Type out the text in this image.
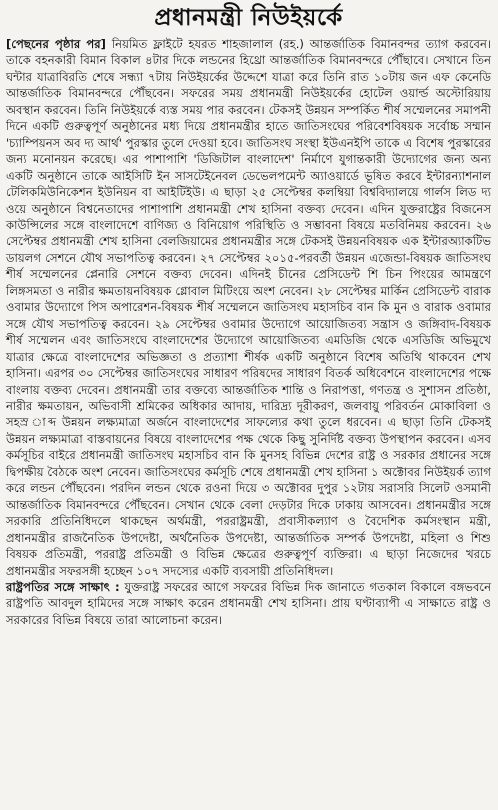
প্রধানমন্ত্রী নিউইয়র্কে

[পেছনের পৃষ্ঠার পর] নিয়মিত ফ্লাইটে হযরত শাহজালাল (রহ.) আন্তর্জাতিক বিমানবন্দর ত্যাগ করবেন। তাকে বহনকারী বিমান বিকাল ৪টার দিকে লন্ডনের হিথ্রো আন্তর্জাতিক বিমানবন্দরে পৌঁছাবে। সেখানে তিন ঘন্টার যাত্রাবিরতি শেষে সন্ধ্যা ৭টায় নিউইয়র্কের উদ্দেশে যাত্রা করে তিনি রাত ১০টায় জন এফ কেনেডি আন্তর্জাতিক বিমানবন্দরে পৌঁছবেন। সফরের সময় প্রধানমন্ত্রী নিউইয়র্কের হোটেল ওয়ার্ল্ড অস্টোরিয়ায় অবস্থান করবেন। তিনি নিউইয়র্কে ব্যস্ত সময় পার করবেন। টেকসই উন্নয়ন সম্পর্কিত শীর্ষ সম্মেলনের সমাপনী দিনে একটি গুরুত্বপূর্ণ অনুষ্ঠানের মধ্য দিয়ে প্রধানমন্ত্রীর হাতে জাতিসংঘের পরিবেশবিষয়ক সর্বোচ্চ সম্মান 'চ্যাম্পিয়নস অব দ্য আর্থ' পুরস্কার তুলে দেওয়া হবে। জাতিসংঘ সংস্থা ইউএনইপি তাকে এ বিশেষ পুরস্কারের জন্য মনোনয়ন করেছে। এর পাশাপাশি 'ডিজিটাল বাংলাদেশ' নির্মাণে যুগান্তকারী উদ্যোগের জন্য অন্য একটি অনুষ্ঠানে তাকে আইসিটি ইন সাসটেইনেবল ডেভেলপমেন্ট অ্যাওয়ার্ডে ভূষিত করবে ইন্টারন্যাশনাল টেলিকমিউনিকেশন ইউনিয়ন বা আইটিইউ। এ ছাড়া ২৫ সেপ্টেম্বর কলম্বিয়া বিশ্ববিদ্যালয়ে গার্লস লিড দ্য ওয়ে অনুষ্ঠানে বিশ্বনেতাদের পাশাপাশি প্রধানমন্ত্রী শেখ হাসিনা বক্তব্য দেবেন। এদিন যুক্তরাষ্ট্রের বিজনেস কাউন্সিলের সঙ্গে বাংলাদেশে বাণিজ্য ও বিনিয়োগ পরিস্থিতি ও সম্ভাবনা বিষয়ে মতবিনিময় করবেন। ২৬ সেপ্টেম্বর প্রধানমন্ত্রী শেখ হাসিনা বেলজিয়ামের প্রধানমন্ত্রীর সঙ্গে টেকসই উন্নয়নবিষয়ক এক ইন্টারঅ্যাকটিভ ডায়লগ সেশনে যৌথ সভাপতিত্ব করবেন। ২৭ সেপ্টেম্বর ২০১৫-পরবর্তী উন্নয়ন এজেন্ডা-বিষয়ক জাতিসংঘ শীর্ষ সম্মেলনের প্লেনারি সেশনে বক্তব্য দেবেন। এদিনই চীনের প্রেসিডেন্ট শি চিন পিংয়ের আমন্ত্রণে লিঙ্গসমতা ও নারীর ক্ষমতায়নবিষয়ক গ্লোবাল মিটিংয়ে অংশ নেবেন। ২৮ সেপ্টেম্বর মার্কিন প্রেসিডেন্ট বারাক ওবামার উদ্যোগে পিস অপারেশন-বিষয়ক শীর্ষ সম্মেলনে জাতিসংঘ মহাসচিব বান কি মুন ও বারাক ওবামার সঙ্গে যৌথ সভাপতিত্ব করবেন। ২৯ সেপ্টেম্বর ওবামার উদ্যোগে আয়োজিতব্য সন্ত্রাস ও জঙ্গিবাদ-বিষয়ক শীর্ষ সম্মেলন এবং জাতিসংঘে বাংলাদেশের উদ্যোগে আয়োজিতব্য এমডিজি থেকে এসডিজি অভিমুখে যাত্রার ক্ষেত্রে বাংলাদেশের অভিজ্ঞতা ও প্রত্যাশা শীর্ষক একটি অনুষ্ঠানে বিশেষ অতিথি থাকবেন শেখ হাসিনা। এরপর ৩০ সেপ্টেম্বর জাতিসংঘের সাধারণ পরিষদের সাধারণ বিতর্ক অধিবেশনে বাংলাদেশের পক্ষে বাংলায় বক্তব্য দেবেন। প্রধানমন্ত্রী তার বক্তব্যে আন্তর্জাতিক শান্তি ও নিরাপত্তা, গণতন্ত্র ও সুশাসন প্রতিষ্ঠা, নারীর ক্ষমতায়ন, অভিবাসী শ্রমিকের অধিকার আদায়, দারিদ্র্য দূরীকরণ, জলবায়ু পরিবর্তন মোকাবিলা ও সহস্র াব্দ উন্নয়ন লক্ষ্যমাত্রা অর্জনে বাংলাদেশের সাফল্যের কথা তুলে ধরবেন। এ ছাড়া তিনি টেকসই উন্নয়ন লক্ষ্যমাত্রা বাস্তবায়নের বিষয়ে বাংলাদেশের পক্ষ থেকে কিছু সুনির্দিষ্ট বক্তব্য উপস্থাপন করবেন। এসব কর্মসূচির বাইরে প্রধানমন্ত্রী জাতিসংঘ মহাসচিব বান কি মুনসহ বিভিন্ন দেশের রাষ্ট্র ও সরকার প্রধানের সঙ্গে দ্বিপক্ষীয় বৈঠকে অংশ নেবেন। জাতিসংঘের কর্মসূচি শেষে প্রধানমন্ত্রী শেখ হাসিনা ১ অক্টোবর নিউইয়র্ক ত্যাগ করে লন্ডন পৌঁছবেন। পরদিন লন্ডন থেকে রওনা দিয়ে ৩ অক্টোবর দুপুর ১২টায় সরাসরি সিলেট ওসমানী আন্তর্জাতিক বিমানবন্দরে পৌঁছবেন। সেখান থেকে বেলা দেড়টার দিকে ঢাকায় আসবেন। প্রধানমন্ত্রীর সঙ্গে সরকারি প্রতিনিধিদলে থাকছেন অর্থমন্ত্রী, পররাষ্ট্রমন্ত্রী, প্রবাসীকল্যাণ ও বৈদেশিক কর্মসংস্থান মন্ত্রী, প্রধানমন্ত্রীর রাজনৈতিক উপদেষ্টা, অর্থনৈতিক উপদেষ্টা, আন্তর্জাতিক সম্পর্ক উপদেষ্টা, মহিলা ও শিশু বিষয়ক প্রতিমন্ত্রী, পররাষ্ট্র প্রতিমন্ত্রী ও বিভিন্ন ক্ষেত্রের গুরুত্বপূর্ণ ব্যক্তিরা। এ ছাড়া নিজেদের খরচে প্রধানমন্ত্রীর সফরসঙ্গী হচ্ছেন ১০৭ সদস্যের একটি ব্যবসায়ী প্রতিনিধিদল।

রাষ্ট্রপতির সঙ্গে সাক্ষাৎ : যুক্তরাষ্ট্র সফরের আগে সফরের বিভিন্ন দিক জানাতে গতকাল বিকালে বঙ্গভবনে রাষ্ট্রপতি আবদুল হামিদের সঙ্গে সাক্ষাৎ করেন প্রধানমন্ত্রী শেখ হাসিনা। প্রায় ঘণ্টাব্যাপী এ সাক্ষাতে রাষ্ট্র ও সরকারের বিভিন্ন বিষয়ে তারা আলোচনা করেন।
